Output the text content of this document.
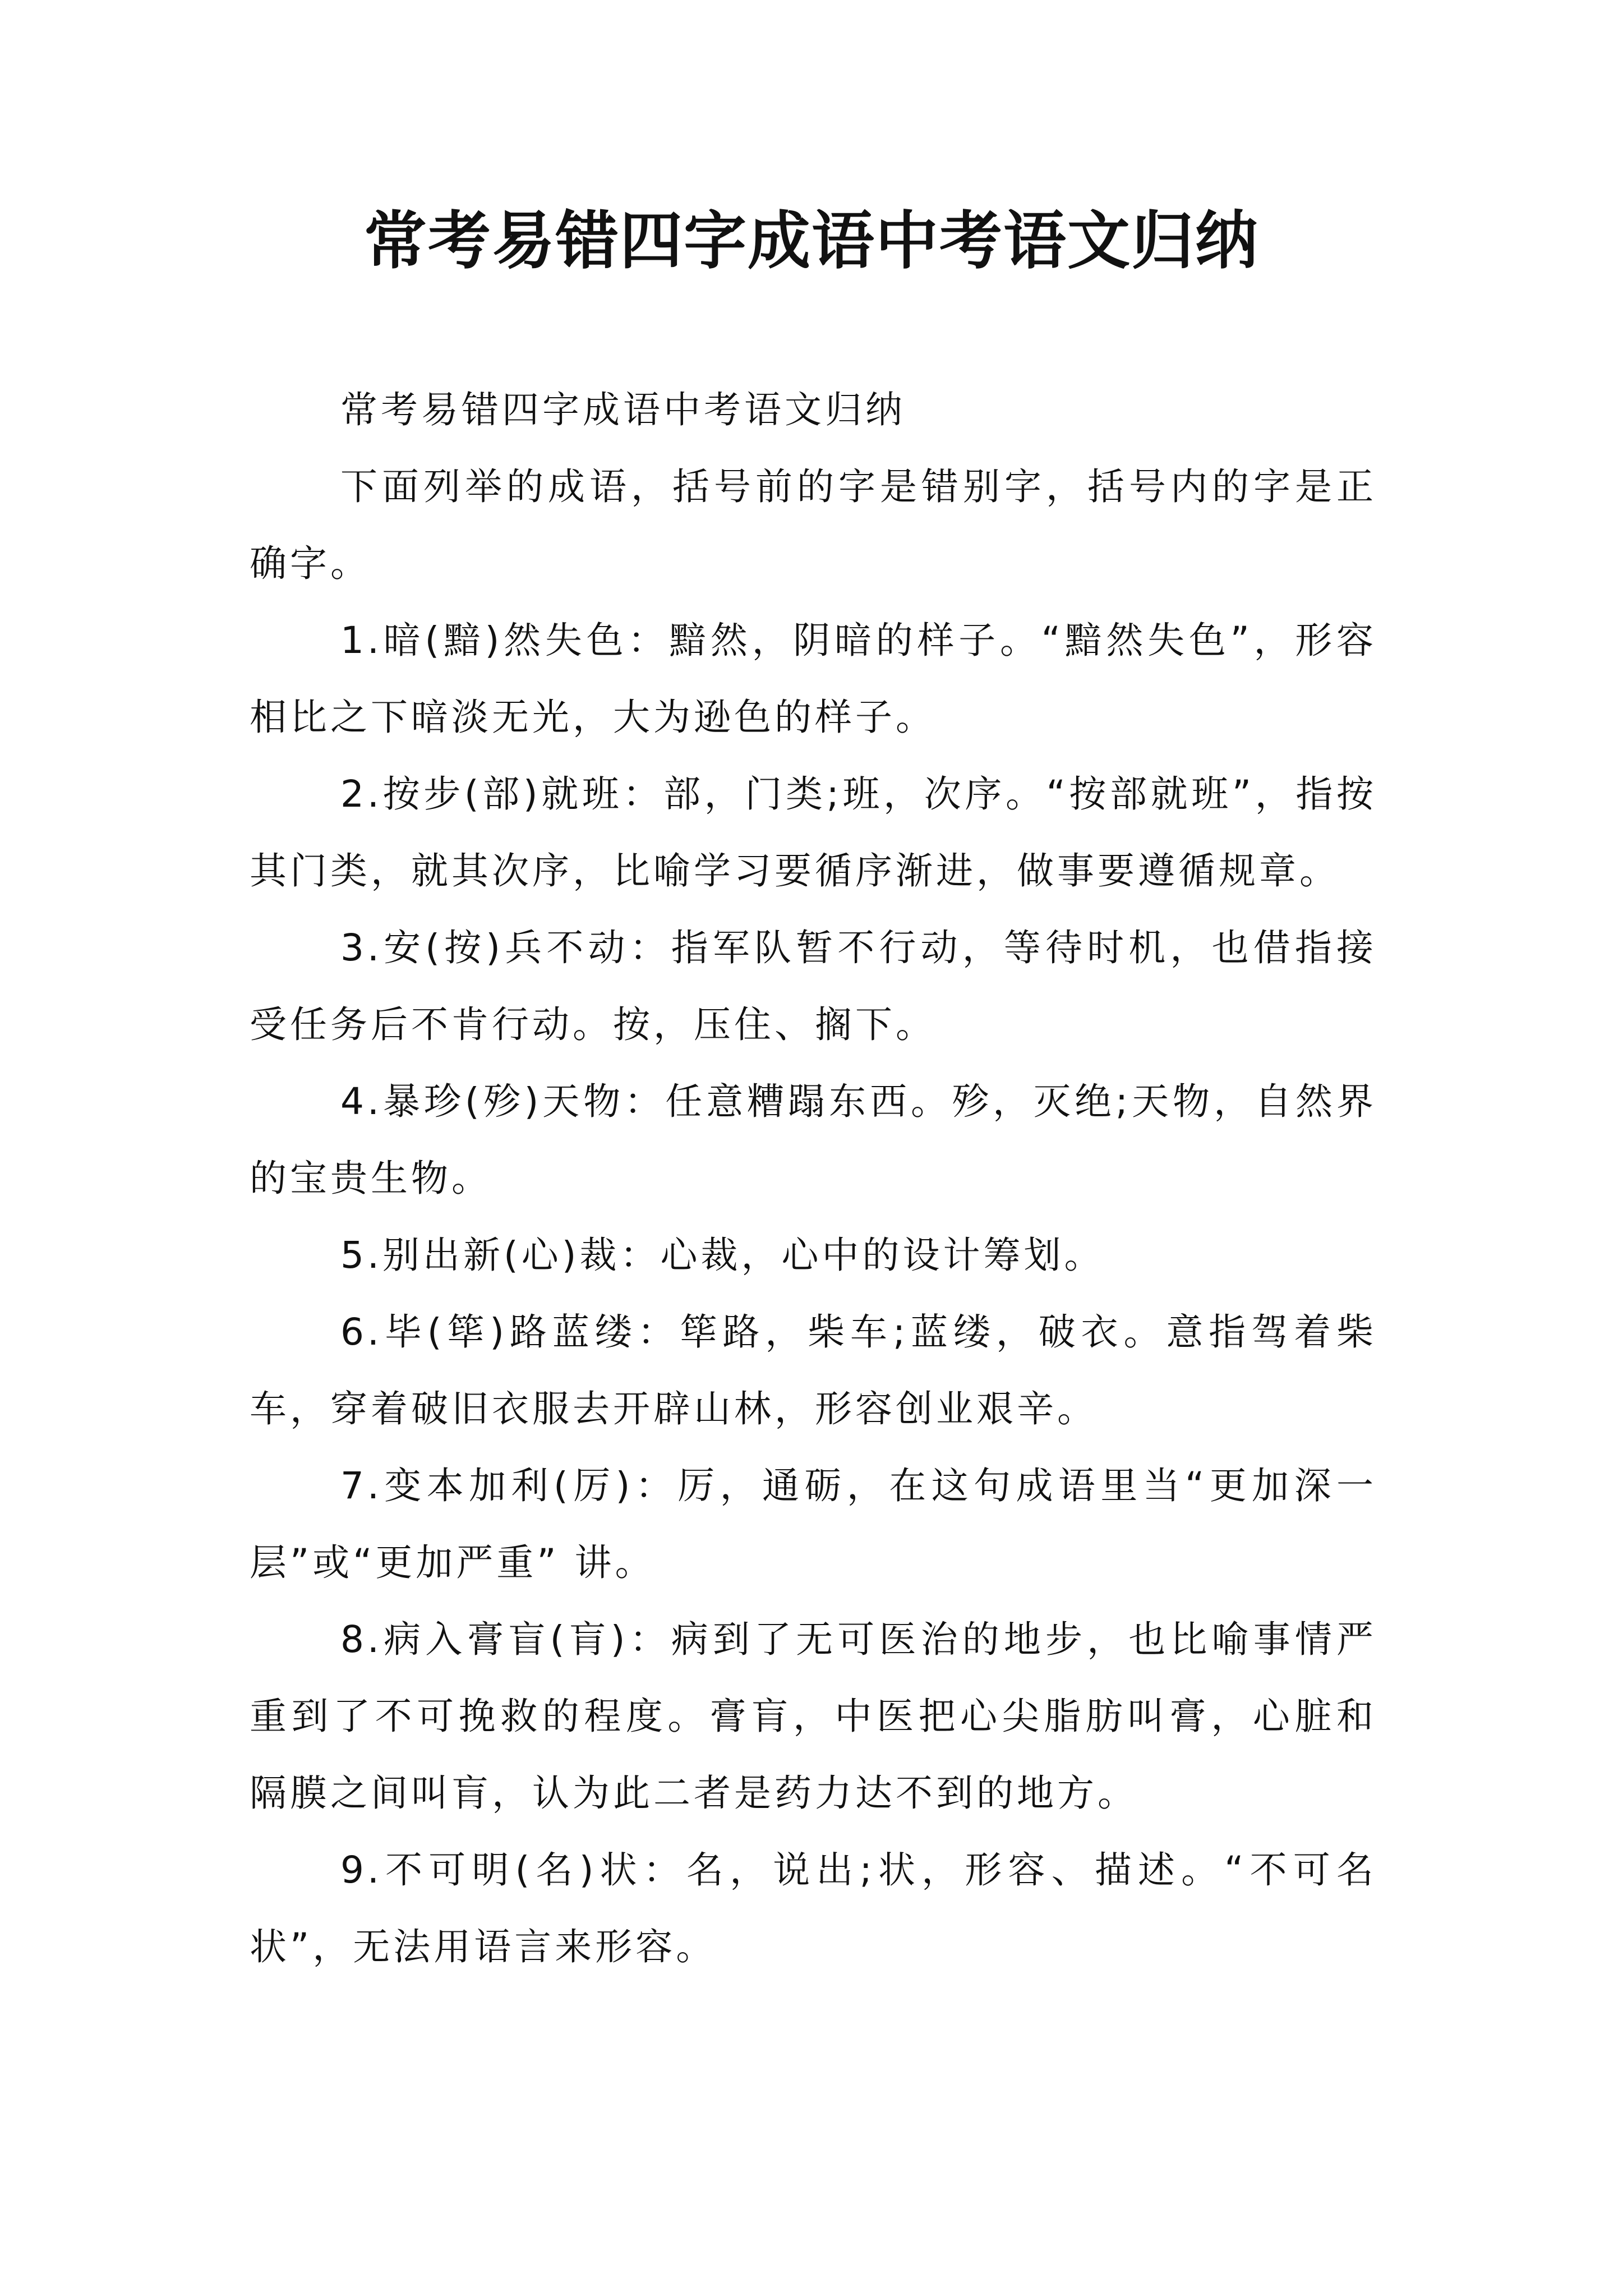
常考易错四字成语中考语文归纳

常考易错四字成语中考语文归纳

下面列举的成语，括号前的字是错别字，括号内的字是正确字。

1.暗(黯)然失色：黯然，阴暗的样子。“黯然失色”，形容相比之下暗淡无光，大为逊色的样子。

2.按步(部)就班：部，门类;班，次序。“按部就班”，指按其门类，就其次序，比喻学习要循序渐进，做事要遵循规章。

3.安(按)兵不动：指军队暂不行动，等待时机，也借指接受任务后不肯行动。按，压住、搁下。

4.暴珍(殄)天物：任意糟蹋东西。殄，灭绝;天物，自然界的宝贵生物。

5.别出新(心)裁：心裁，心中的设计筹划。

6.毕(筚)路蓝缕：筚路，柴车;蓝缕，破衣。意指驾着柴车，穿着破旧衣服去开辟山林，形容创业艰辛。

7.变本加利(厉)：厉，通砺，在这句成语里当“更加深一层”或“更加严重” 讲。

8.病入膏盲(肓)：病到了无可医治的地步，也比喻事情严重到了不可挽救的程度。膏肓，中医把心尖脂肪叫膏，心脏和隔膜之间叫肓，认为此二者是药力达不到的地方。

9.不可明(名)状：名，说出;状，形容、描述。“不可名状”，无法用语言来形容。
